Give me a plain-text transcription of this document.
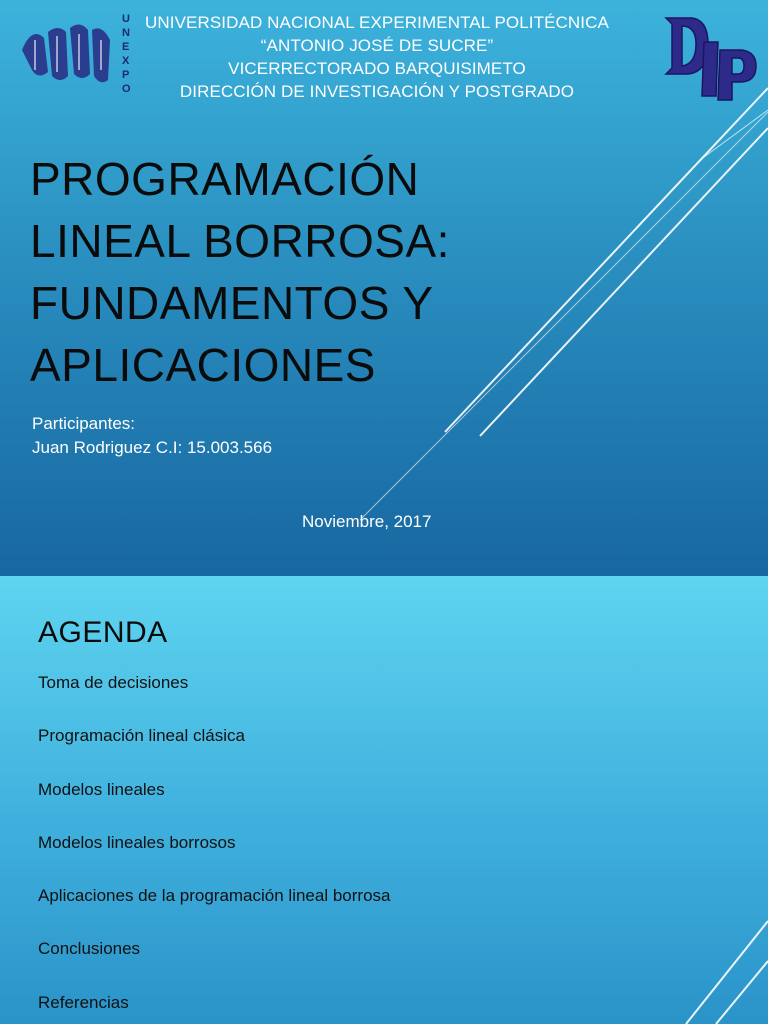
U
N
E
X
P
O
UNIVERSIDAD NACIONAL EXPERIMENTAL POLITÉCNICA
“ANTONIO JOSÉ DE SUCRE”
VICERRECTORADO BARQUISIMETO
DIRECCIÓN DE INVESTIGACIÓN Y POSTGRADO
PROGRAMACIÓN
LINEAL BORROSA:
FUNDAMENTOS Y
APLICACIONES
Participantes:
Juan Rodriguez C.I: 15.003.566
Noviembre, 2017
AGENDA
Toma de decisiones
Programación lineal clásica
Modelos lineales
Modelos lineales borrosos
Aplicaciones de la programación lineal borrosa
Conclusiones
Referencias
